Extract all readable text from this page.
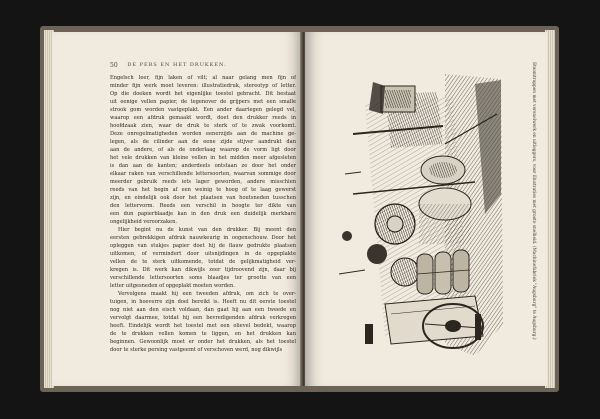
50	DE PERS EN HET DRUKKEN.
Engelsch leer, fijn laken of vilt; al naar gelang men fijn of
minder fijn werk moet leveren: illustratiedruk, stereotyp of letter.
Op die doeken wordt het eigenlijke toestel gebracht. Dit bestaat
uit eenige vellen papier, de tegenover de grijpers met een smalle
strook gom worden vastgeplakt. Een ander daartegen gelegd vel,
waarop een afdruk gemaakt wordt, doet den drukker reeds in
hoofdzaak zien, waar de druk te sterk of te zwak voorkomt.
Deze onregelmatigheden worden eenerzijds aan de machine ge-
legen, als de cilinder aan de eene zijde stijver aandrukt dan
aan de andere, of als de onderlaag waarop de vorm ligt door
het vele drukken van kleine vellen in het midden meer afgesleten
is dan aan de kanten; anderdeels ontstaan ze door het onder
elkaar raken van verschillende lettersoorten, waarvan sommige door
meerder gebruik reeds iets lager geworden, andere misschien
reeds van het begin af een weinig te hoog of te laag gewerst
zijn, en eindelijk ook door het plaatsen van houtsneden tusschen
den lettervorm. Reeds een verschil in hoogte ter dikte van
een dun papierblaadje kan in den druk een duidelijk merkbare
ongelijkheid veroorzaken.
Hier begint nu de kunst van den drukker. Bij meent den
eersten gebrekkigen afdruk nauwkeurig in oogenschouw. Door het
opleggen van stukjes papier doet hij de flauw gedrukte plaatsen
uitkomen, of vermindert door uitsnijdingen in de opgeplakte
vellen de te sterk uitkomende, totdat de gelijkmatigheid ver-
kregen is. Dit werk kan dikwijls zeer tijdroovend zijn, daar bij
verschillende lettersoorten soms blaadjes ter grootte van een
letter uitgesneden of opgeplakt moeten worden.
Vervolgens maakt hij een tweeden afdruk, om zich te over-
tuigen, in hoeverre zijn doel bereikt is. Heeft nu dit eerste toestel
nog niet aan den eisch voldaan, dan gaat hij aan een tweede en
vervolgt daarmee, totdat hij een bevredigenden afdruk verkregen
heeft. Eindelijk wordt het toestel met een olievel bedekt, waarop
de te drukken vellen komen te liggen, en het drukken kan
beginnen. Gewoonlijk moet er onder het drukken, als het toestel
door te sterke persing vastgeemt of verschoven werd, nog dikwijls
Stoomtrappen met versnelwerk en uitleggers, voor illustraties met groote snelheid. (Machinefabriek "Augsburg" te Augsburg.)
